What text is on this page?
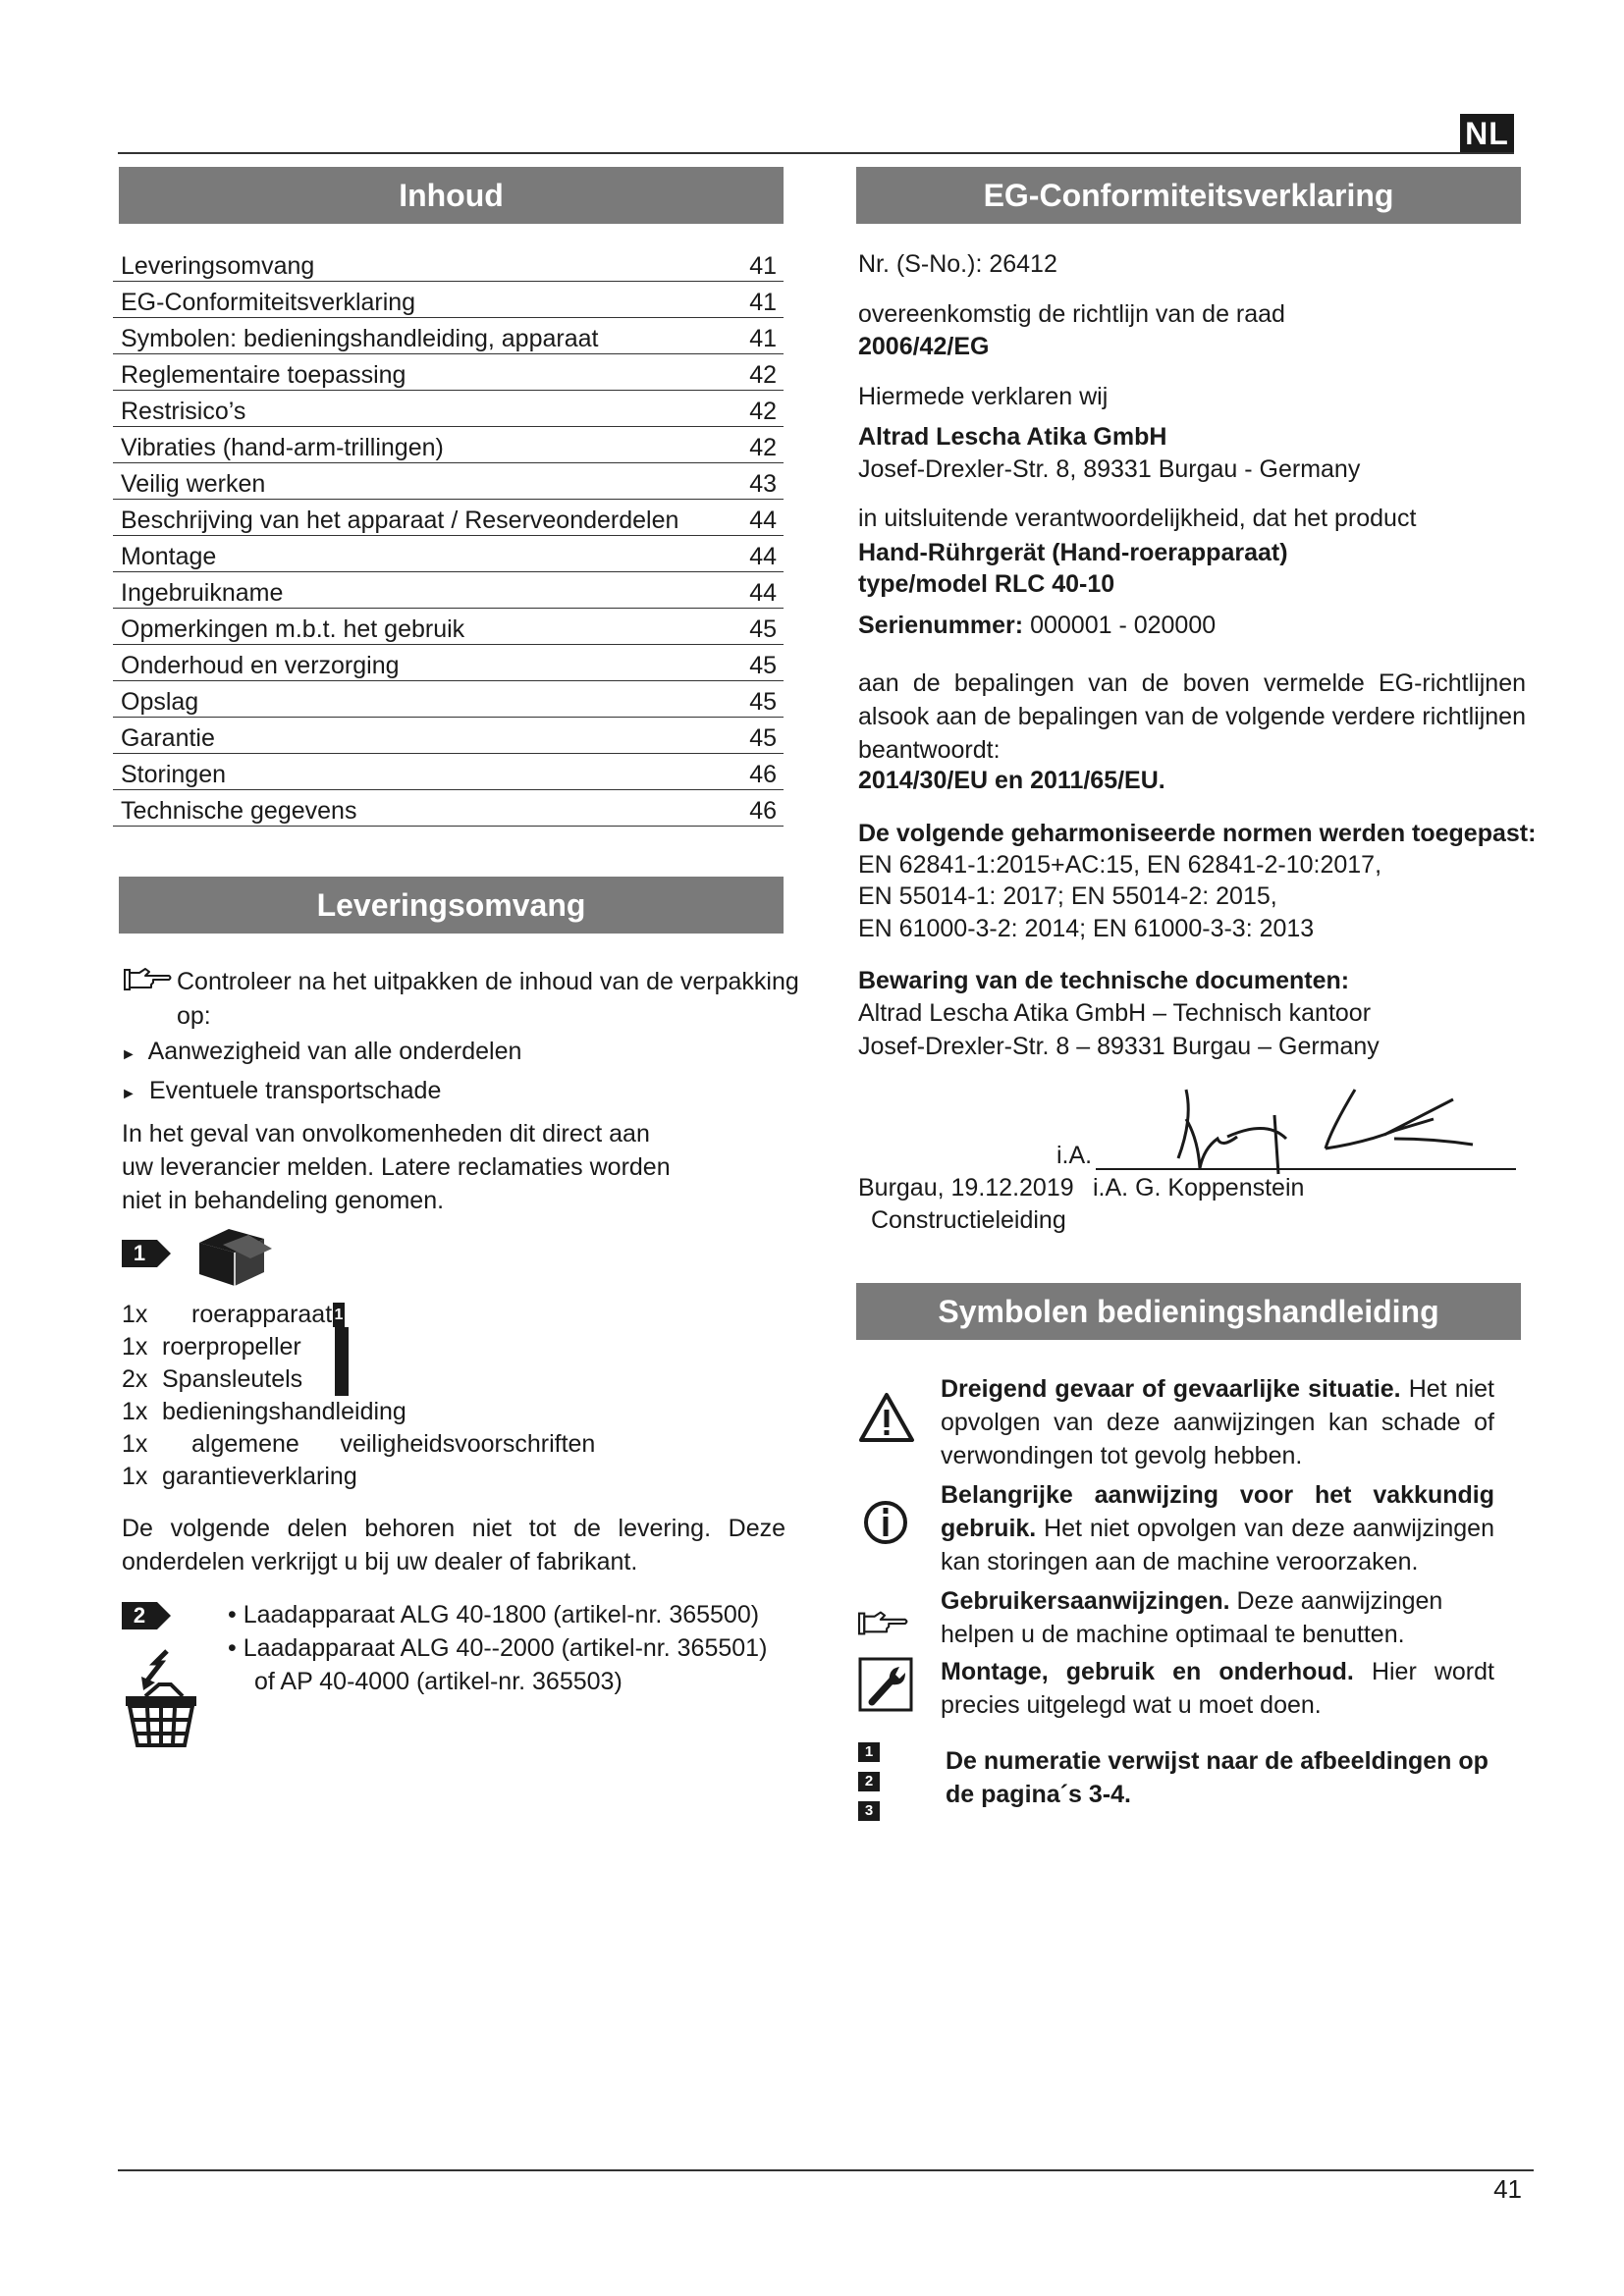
NL
Inhoud
Leveringsomvang	41
EG-Conformiteitsverklaring	41
Symbolen: bedieningshandleiding, apparaat	41
Reglementaire toepassing	42
Restrisico’s	42
Vibraties (hand-arm-trillingen)	42
Veilig werken	43
Beschrijving van het apparaat / Reserveonderdelen	44
Montage	44
Ingebruikname	44
Opmerkingen m.b.t. het gebruik	45
Onderhoud en verzorging	45
Opslag	45
Garantie	45
Storingen	46
Technische gegevens	46
Leveringsomvang
Controleer na het uitpakken de inhoud van de verpakking
op:
► Aanwezigheid van alle onderdelen
► Eventuele transportschade
In het geval van onvolkomenheden dit direct aan uw leverancier melden. Latere reclamaties worden niet in behandeling genomen.
1
1x roerapparaat 1
1x roerpropeller
2x Spansleutels
1x bedieningshandleiding
1x algemene      veiligheidsvoorschriften
1x garantieverklaring
De volgende delen behoren niet tot de levering. Deze onderdelen verkrijgt u bij uw dealer of fabrikant.
2	• Laadapparaat ALG 40-1800 (artikel-nr. 365500)
• Laadapparaat ALG 40--2000 (artikel-nr. 365501)
of AP 40-4000 (artikel-nr. 365503)
EG-Conformiteitsverklaring
Nr. (S-No.): 26412
overeenkomstig de richtlijn van de raad
2006/42/EG
Hiermede verklaren wij
Altrad Lescha Atika GmbH
Josef-Drexler-Str. 8, 89331 Burgau - Germany
in uitsluitende verantwoordelijkheid, dat het product
Hand-Rührgerät (Hand-roerapparaat)
type/model RLC 40-10
Serienummer: 000001 - 020000
aan de bepalingen van de boven vermelde EG-richtlijnen alsook aan de bepalingen van de volgende verdere richtlijnen beantwoordt:
2014/30/EU en 2011/65/EU.
De volgende geharmoniseerde normen werden toegepast:
EN 62841-1:2015+AC:15, EN 62841-2-10:2017,
EN 55014-1: 2017; EN 55014-2: 2015,
EN 61000-3-2: 2014; EN 61000-3-3: 2013
Bewaring van de technische documenten:
Altrad Lescha Atika GmbH – Technisch kantoor
Josef-Drexler-Str. 8 – 89331 Burgau – Germany
i.A.
Burgau, 19.12.2019 i.A. G. Koppenstein
Constructieleiding
Symbolen bedieningshandleiding
Dreigend gevaar of gevaarlijke situatie. Het niet opvolgen van deze aanwijzingen kan schade of verwondingen tot gevolg hebben.
Belangrijke aanwijzing voor het vakkundig gebruik. Het niet opvolgen van deze aanwijzingen kan storingen aan de machine veroorzaken.
Gebruikersaanwijzingen. Deze aanwijzingen helpen u de machine optimaal te benutten.
Montage, gebruik en onderhoud. Hier wordt precies uitgelegd wat u moet doen.
1
2
3
De numeratie verwijst naar de afbeeldingen op de pagina´s 3-4.
41
